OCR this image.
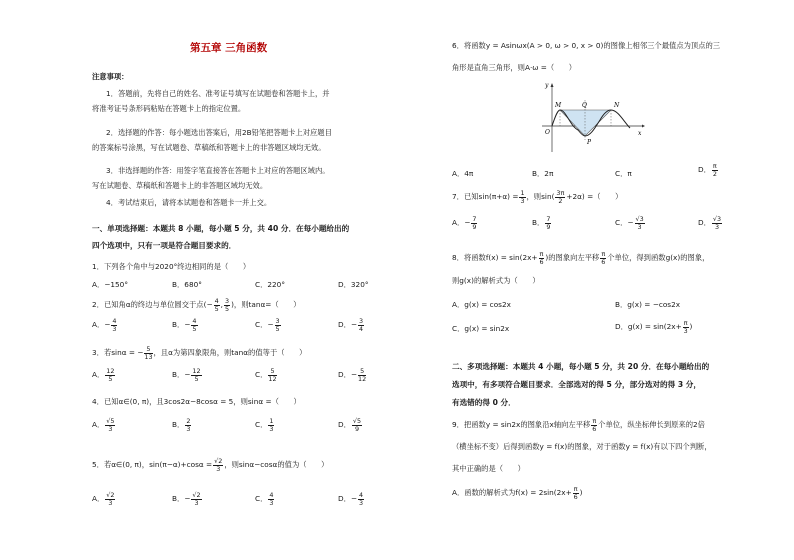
第五章 三角函数
注意事项：
1．答题前，先将自己的姓名、准考证号填写在试题卷和答题卡上，并
将准考证号条形码粘贴在答题卡上的指定位置。
2．选择题的作答：每小题选出答案后，用2B铅笔把答题卡上对应题目
的答案标号涂黑，写在试题卷、草稿纸和答题卡上的非答题区域均无效。
3．非选择题的作答：用签字笔直接答在答题卡上对应的答题区域内。
写在试题卷、草稿纸和答题卡上的非答题区域均无效。
4．考试结束后，请将本试题卷和答题卡一并上交。
一、单项选择题：本题共 8 小题，每小题 5 分，共 40 分．在每小题给出的
四个选项中，只有一项是符合题目要求的．
1．下列各个角中与2020°终边相同的是（　　）
A．−150°	B．680°	C．220°	D．320°
2．已知角α的终边与单位圆交于点(− $\frac{4}{5}$ , $\frac{3}{5}$ )，则tanα=（　　）
A．− $\frac{4}{3}$	B．− $\frac{4}{5}$	C．− $\frac{3}{5}$	D．− $\frac{3}{4}$
3．若sinα = − $\frac{5}{13}$ ，且α为第四象限角，则tanα的值等于（　　）
A． $\frac{12}{5}$	B．− $\frac{12}{5}$	C． $\frac{5}{12}$	D．− $\frac{5}{12}$
4．已知α∈(0, π)，且3cos2α−8cosα = 5，则sinα =（　　）
A． $\frac{√5}{3}$	B． $\frac{2}{3}$	C． $\frac{1}{3}$	D． $\frac{√5}{9}$
5．若α∈(0, π)，$\sin(\pi-\alpha)+\cos\alpha = \frac{√2}{3}$ ，则sinα−cosα的值为（　　）
A． $\frac{√2}{3}$	B．− $\frac{√2}{3}$	C． $\frac{4}{3}$	D．− $\frac{4}{3}$
6．将函数y = Asinωx(A > 0, ω > 0, x > 0)的图像上相邻三个最值点为顶点的三
角形是直角三角形，则A·ω =（　　）
y
x
O
M	N
P
Q
A．4π	B．2π	C．π	D． $\frac{\pi}{2}$
7．已知$\sin(\pi+\alpha) = \frac{1}{3}$ ，则$\sin( \frac{3\pi}{2} +2\alpha)$ =（　　）
A．− $\frac{7}{9}$	B． $\frac{7}{9}$	C．− $\frac{√3}{3}$	D． $\frac{√3}{3}$
8．将函数$f(x) = \sin(2x+ \frac{\pi}{6}$ )的图象向左平移 $\frac{\pi}{6}$ 个单位，得到函数g(x)的图象，
则g(x)的解析式为（　　）
A．g(x) = cos2x	B．g(x) = −cos2x
C．g(x) = sin2x	D．$g(x) = \sin(2x+ \frac{\pi}{3}$ )
二、多项选择题：本题共 4 小题，每小题 5 分，共 20 分．在每小题给出的
选项中，有多项符合题目要求．全部选对的得 5 分，部分选对的得 3 分，
有选错的得 0 分．
9．把函数y = sin2x的图象沿x轴向左平移 $\frac{\pi}{6}$ 个单位，纵坐标伸长到原来的2倍
（横坐标不变）后得到函数y = f(x)的图象，对于函数y = f(x)有以下四个判断，
其中正确的是（　　）
A．函数的解析式为$f(x) = 2\sin(2x+ \frac{\pi}{6}$ )
